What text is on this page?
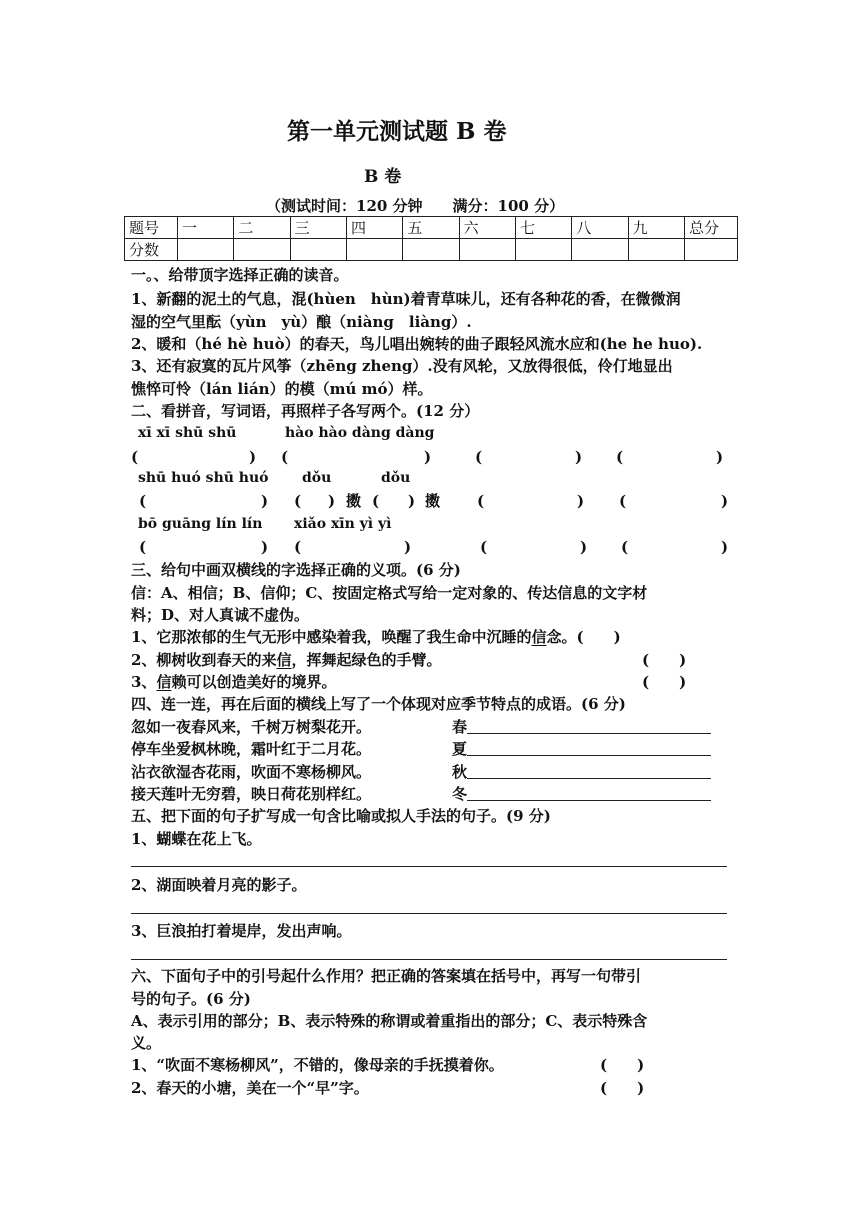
第一单元测试题 B 卷
B 卷
（测试时间：120 分钟　　满分：100 分）
题号	一	二	三	四	五	六	七	八	九	总分
分数										
一。、给带顶字选择正确的读音。
1、新翻的泥土的气息，混(hùen　hùn)着青草味儿，还有各种花的香，在微微润
湿的空气里酝（yùn　yù）酿（niàng　liàng）.
2、暖和（hé hè huò）的春天，鸟儿唱出婉转的曲子跟轻风流水应和(he he huo).
3、还有寂寞的瓦片风筝（zhēng zheng）.没有风轮，又放得很低，伶仃地显出
憔悴可怜（lán lián）的模（mú mó）样。
二、看拼音，写词语，再照样子各写两个。(12 分）
xī xī shū shū	hào hào dàng dàng
(	) (	)	(	) (	)
shū huó shū huó dǒu	dǒu
(	) ( ) 擞 ( ) 擞 (	) (	)
bō guāng lín lín xiǎo xīn yì yì
(	) (	)	(	) (	)
三、给句中画双横线的字选择正确的义项。(6 分)
信：A、相信；B、信仰；C、按固定格式写给一定对象的、传达信息的文字材
料；D、对人真诚不虚伪。
1、它那浓郁的生气无形中感染着我，唤醒了我生命中沉睡的信念。(　　)
2、柳树收到春天的来信，挥舞起绿色的手臂。	(　　)
3、信赖可以创造美好的境界。	(　　)
四、连一连，再在后面的横线上写了一个体现对应季节特点的成语。(6 分)
忽如一夜春风来，千树万树梨花开。	春
停车坐爱枫林晚，霜叶红于二月花。	夏
沾衣欲湿杏花雨，吹面不寒杨柳风。	秋
接天莲叶无穷碧，映日荷花别样红。	冬
五、把下面的句子扩写成一句含比喻或拟人手法的句子。(9 分)
1、蝴蝶在花上飞。
2、湖面映着月亮的影子。
3、巨浪拍打着堤岸，发出声响。
六、下面句子中的引号起什么作用？把正确的答案填在括号中，再写一句带引
号的句子。(6 分)
A、表示引用的部分；B、表示特殊的称谓或着重指出的部分；C、表示特殊含
义。
1、“吹面不寒杨柳风”，不错的，像母亲的手抚摸着你。	(　　)
2、春天的小塘，美在一个“早”字。	(　　)
